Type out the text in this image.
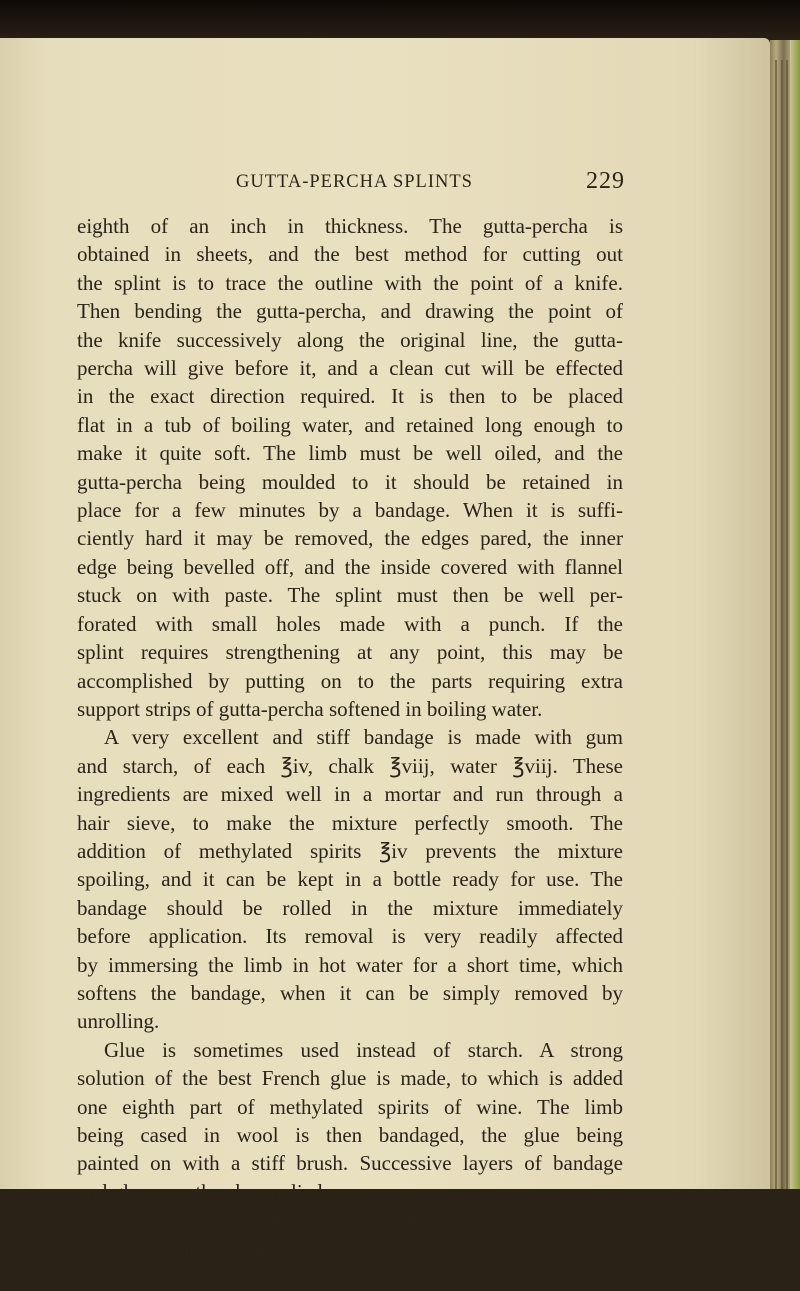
GUTTA-PERCHA SPLINTS	229
eighth of an inch in thickness. The gutta-percha is
obtained in sheets, and the best method for cutting out
the splint is to trace the outline with the point of a knife.
Then bending the gutta-percha, and drawing the point of
the knife successively along the original line, the gutta-
percha will give before it, and a clean cut will be effected
in the exact direction required. It is then to be placed
flat in a tub of boiling water, and retained long enough to
make it quite soft. The limb must be well oiled, and the
gutta-percha being moulded to it should be retained in
place for a few minutes by a bandage. When it is suffi-
ciently hard it may be removed, the edges pared, the inner
edge being bevelled off, and the inside covered with flannel
stuck on with paste. The splint must then be well per-
forated with small holes made with a punch. If the
splint requires strengthening at any point, this may be
accomplished by putting on to the parts requiring extra
support strips of gutta-percha softened in boiling water.
A very excellent and stiff bandage is made with gum
and starch, of each ℥iv, chalk ℥viij, water ℥viij. These
ingredients are mixed well in a mortar and run through a
hair sieve, to make the mixture perfectly smooth. The
addition of methylated spirits ℥iv prevents the mixture
spoiling, and it can be kept in a bottle ready for use. The
bandage should be rolled in the mixture immediately
before application. Its removal is very readily affected
by immersing the limb in hot water for a short time, which
softens the bandage, when it can be simply removed by
unrolling.
Glue is sometimes used instead of starch. A strong
solution of the best French glue is made, to which is added
one eighth part of methylated spirits of wine. The limb
being cased in wool is then bandaged, the glue being
painted on with a stiff brush. Successive layers of bandage
and glue may thus be applied.
The method of applying extension to the lower extremi-
ties by weight is as follows :
A thin piece of board, from three to four inches long
